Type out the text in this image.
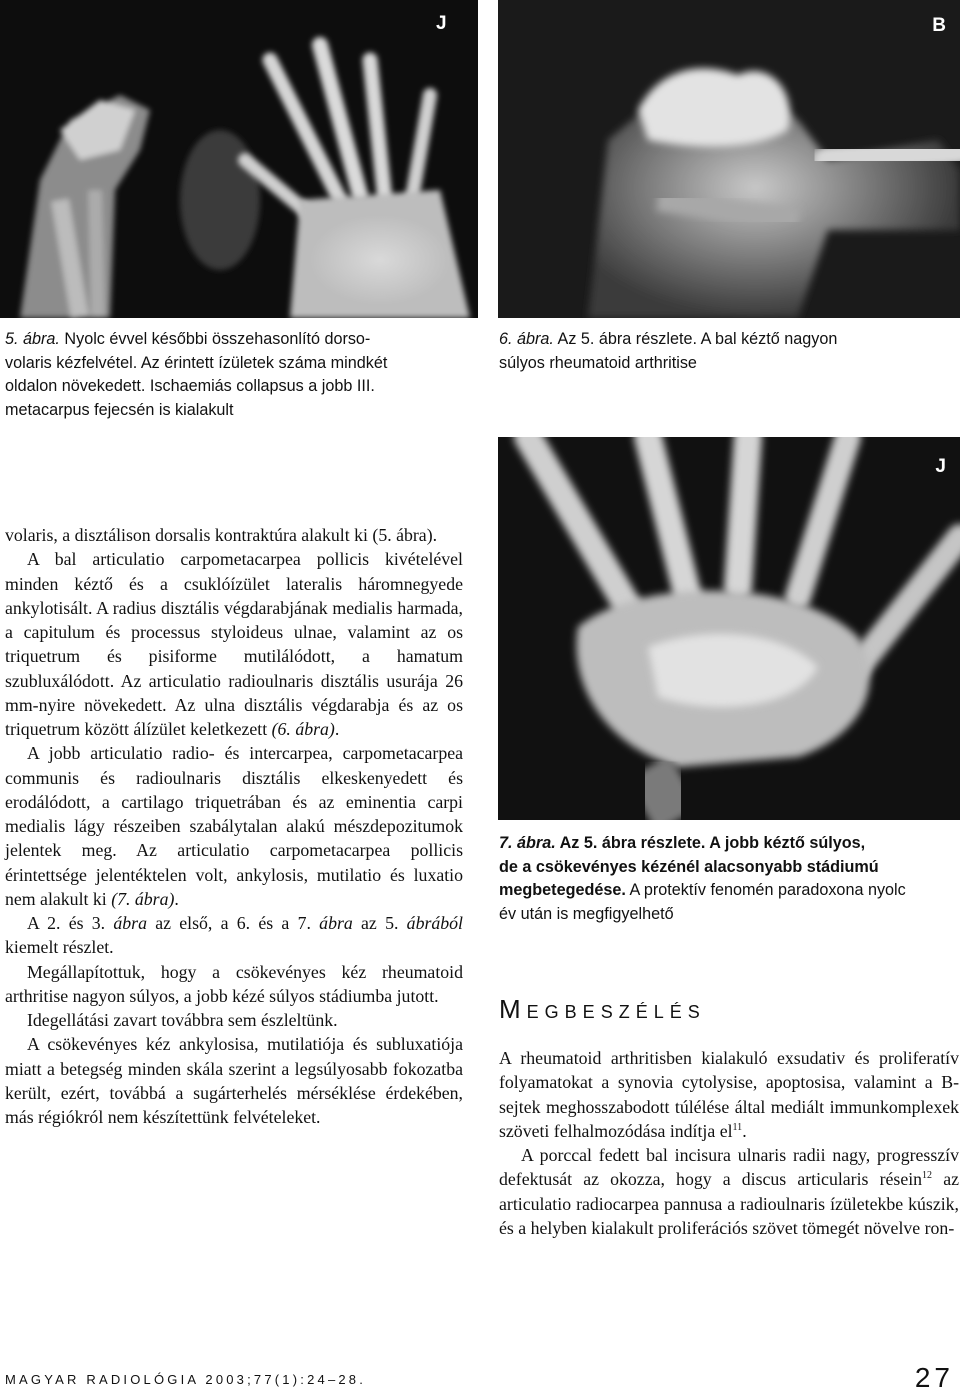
J	B
J
5. ábra. Nyolc évvel későbbi összehasonlító dorso-
volaris kézfelvétel. Az érintett ízületek száma mindkét
oldalon növekedett. Ischaemiás collapsus a jobb III.
metacarpus fejecsén is kialakult
6. ábra. Az 5. ábra részlete. A bal kéztő nagyon
súlyos rheumatoid arthritise
7. ábra. Az 5. ábra részlete. A jobb kéztő súlyos,
de a csökevényes kézénél alacsonyabb stádiumú
megbetegedése. A protektív fenomén paradoxona nyolc
év után is megfigyelhető

volaris, a disztálison dorsalis kontraktúra alakult ki (5. ábra).

A bal articulatio carpometacarpea pollicis kivételével minden kéztő és a csuklóízület lateralis háromnegyede ankylotisált. A radius disztális végdarabjának medialis harmada, a capitulum és processus styloideus ulnae, valamint az os triquetrum és pisiforme mutilálódott, a hamatum szubluxálódott. Az articulatio radioulnaris disztális usurája 26 mm-nyire növekedett. Az ulna disztális végdarabja és az os triquetrum között álízület keletkezett (6. ábra).

A jobb articulatio radio- és intercarpea, carpometacarpea communis és radioulnaris disztális elkeskenyedett és erodálódott, a cartilago triquetrában és az eminentia carpi medialis lágy részeiben szabálytalan alakú mészdepozitumok jelentek meg. Az articulatio carpometacarpea pollicis érintettsége jelentéktelen volt, ankylosis, mutilatio és luxatio nem alakult ki (7. ábra).

A 2. és 3. ábra az első, a 6. és a 7. ábra az 5. ábrából kiemelt részlet.

Megállapítottuk, hogy a csökevényes kéz rheumatoid arthritise nagyon súlyos, a jobb kézé súlyos stádiumba jutott.

Idegellátási zavart továbbra sem észleltünk.

A csökevényes kéz ankylosisa, mutilatiója és subluxatiója miatt a betegség minden skála szerint a legsúlyosabb fokozatba került, ezért, továbbá a sugárterhelés mérséklése érdekében, más régiókról nem készítettünk felvételeket.

MEGBESZÉLÉS

A rheumatoid arthritisben kialakuló exsudativ és proliferatív folyamatokat a synovia cytolysise, apoptosisa, valamint a B-sejtek meghosszabodott túlélése által mediált immunkomplexek szöveti felhalmozódása indítja $el^{11}$.

A porccal fedett bal incisura ulnaris radii nagy, progresszív defektusát az okozza, hogy a discus articularis résein$^{12}$ az articulatio radiocarpea pannusa a radioulnaris ízületekbe kúszik, és a helyben kialakult proliferációs szövet tömegét növelve ron-

MAGYAR RADIOLÓGIA 2003;77(1):24–28.	27
